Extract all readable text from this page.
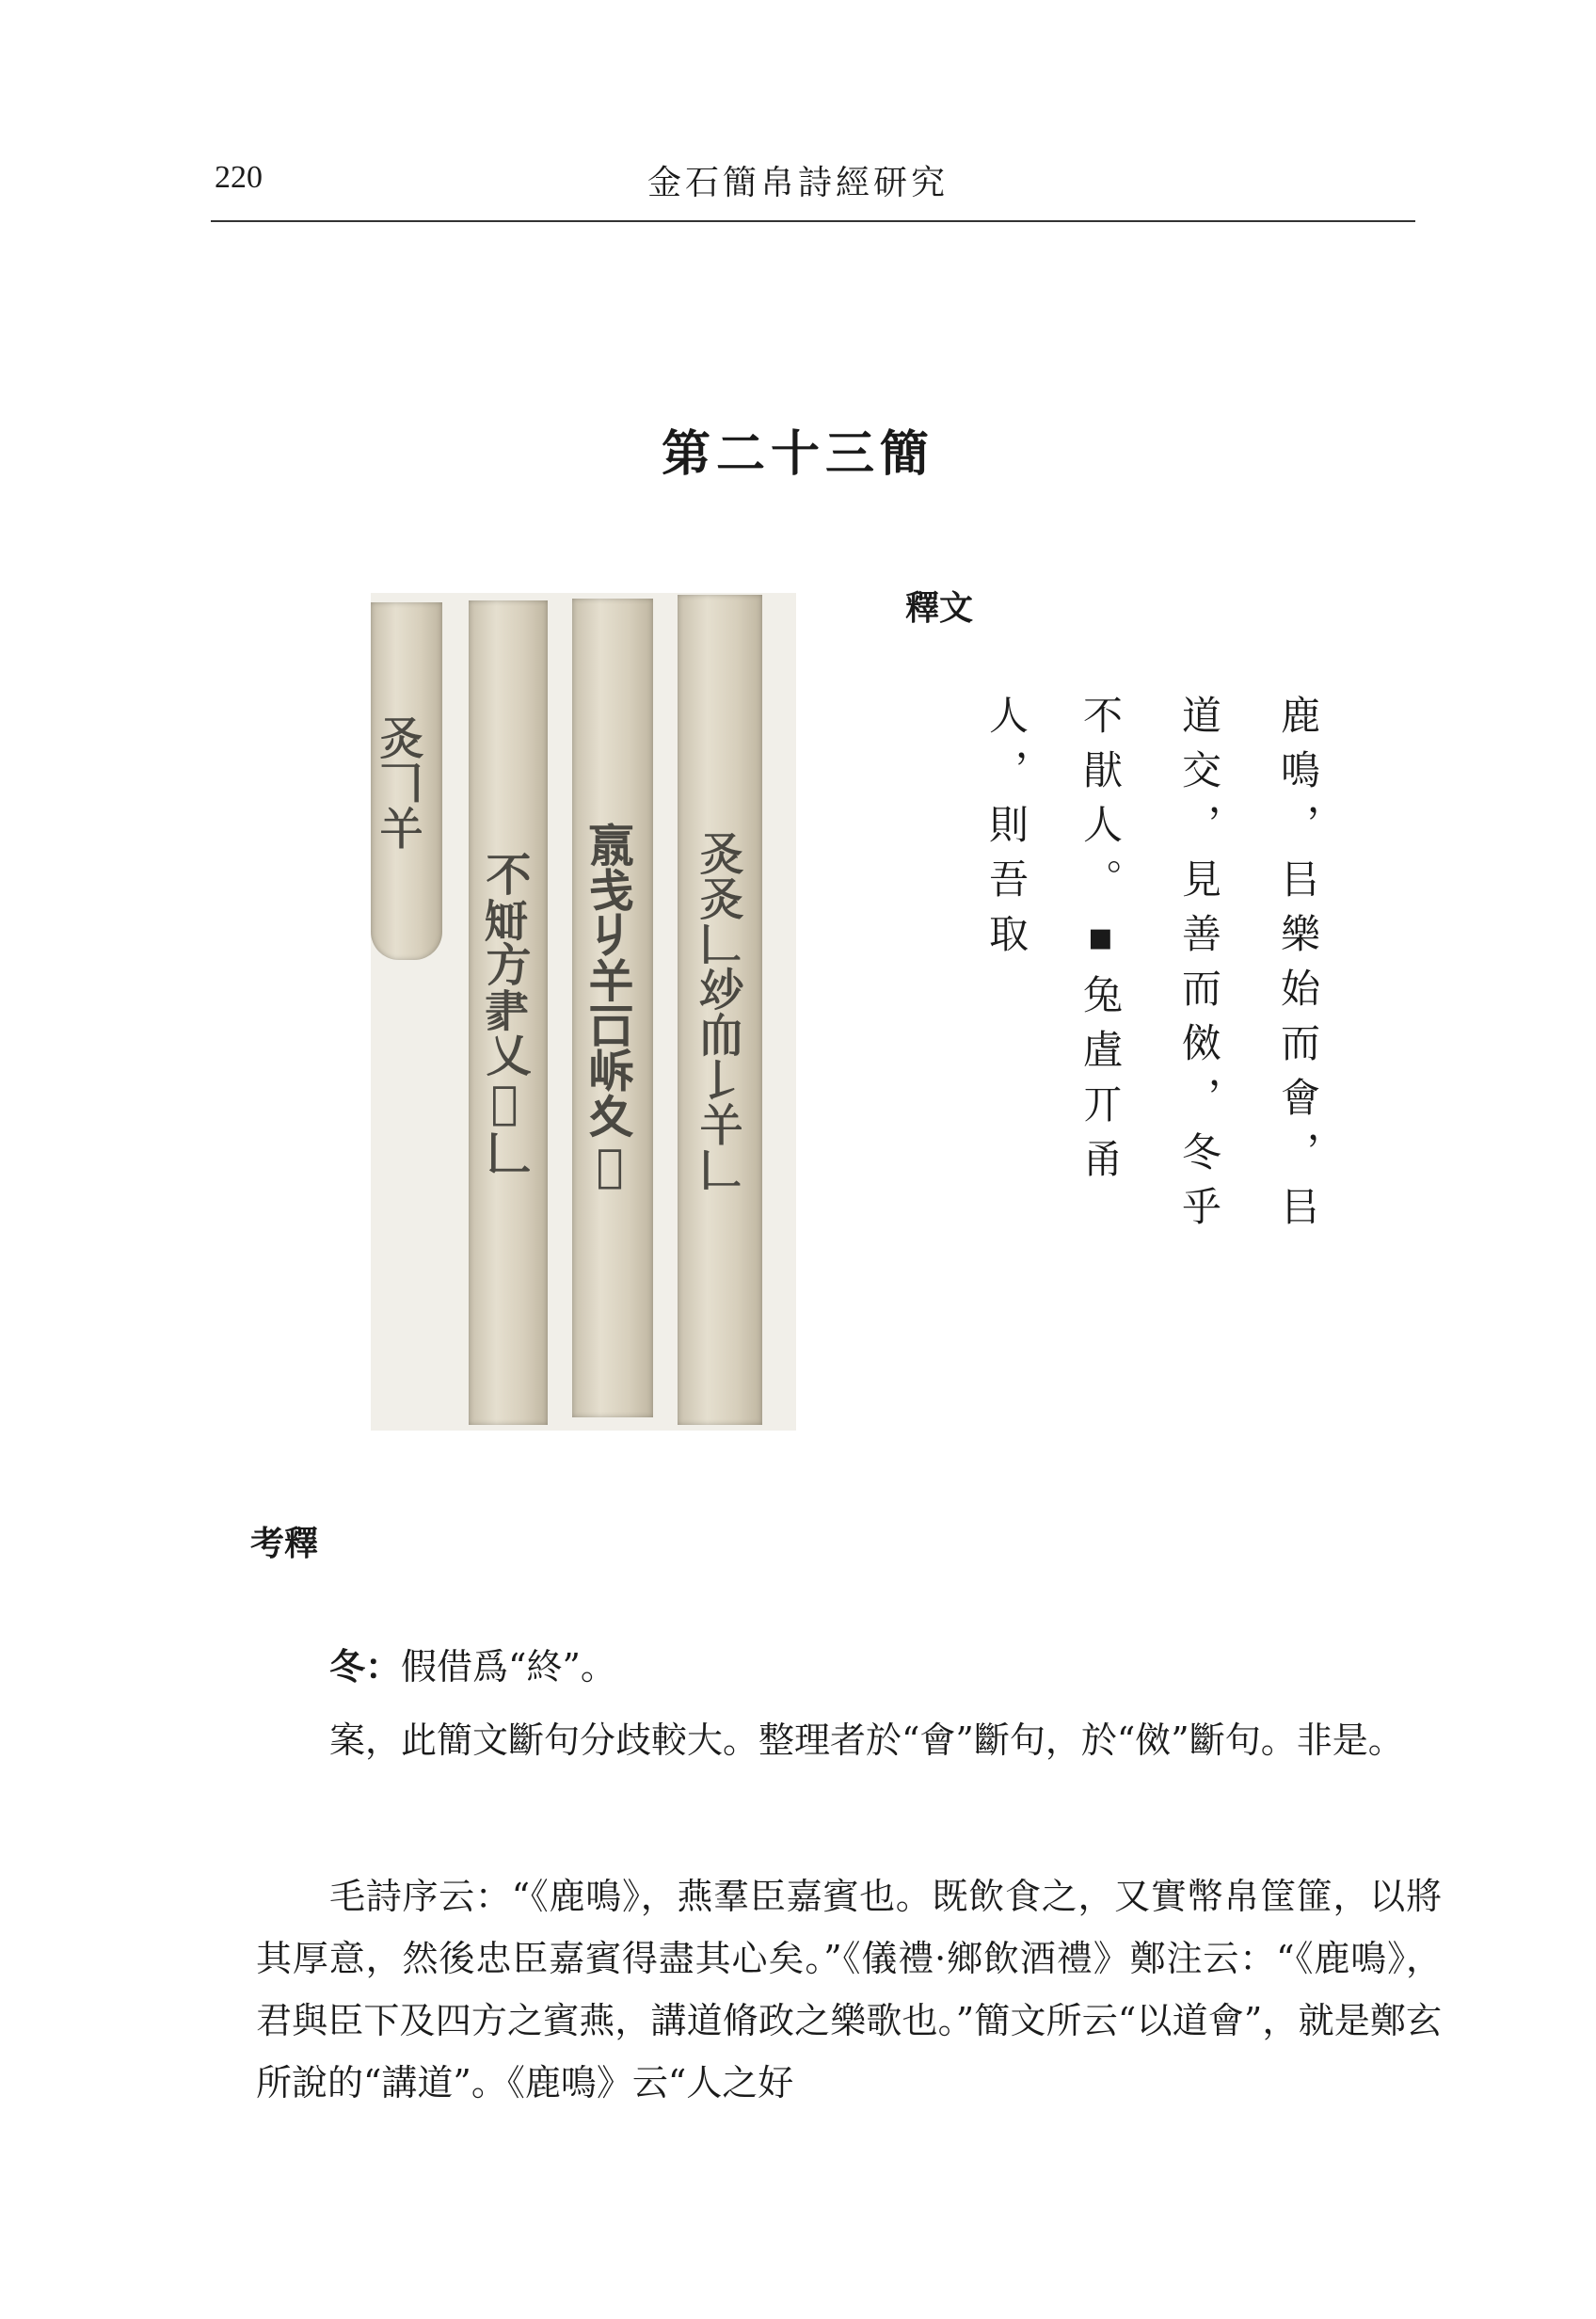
220	金石簡帛詩經研究
第二十三簡
𤆆𠃍𢆉
不𥎿方𦘔乂𡋺𠃊	𣎆戋𠂈𢆉𠮛𡶜夊𥈯	𤆆𤆆𠃊𢆷𦓐𠄌𢆉𠃊
釋文
鹿鳴，㠯樂始而會，㠯
道交，見善而傚，冬乎
不猒人。▪兔虘丌甬
人，則吾取
考釋
冬：假借爲“終”。
案，此簡文斷句分歧較大。整理者於“會”斷句，於“傚”斷句。非是。
毛詩序云：“《鹿鳴》，燕羣臣嘉賓也。既飲食之，又實幣帛筐篚，以將其厚意，然後忠臣嘉賓得盡其心矣。”《儀禮·鄉飲酒禮》鄭注云：“《鹿鳴》，君與臣下及四方之賓燕，講道脩政之樂歌也。”簡文所云“以道會”，就是鄭玄所說的“講道”。《鹿鳴》云“人之好
